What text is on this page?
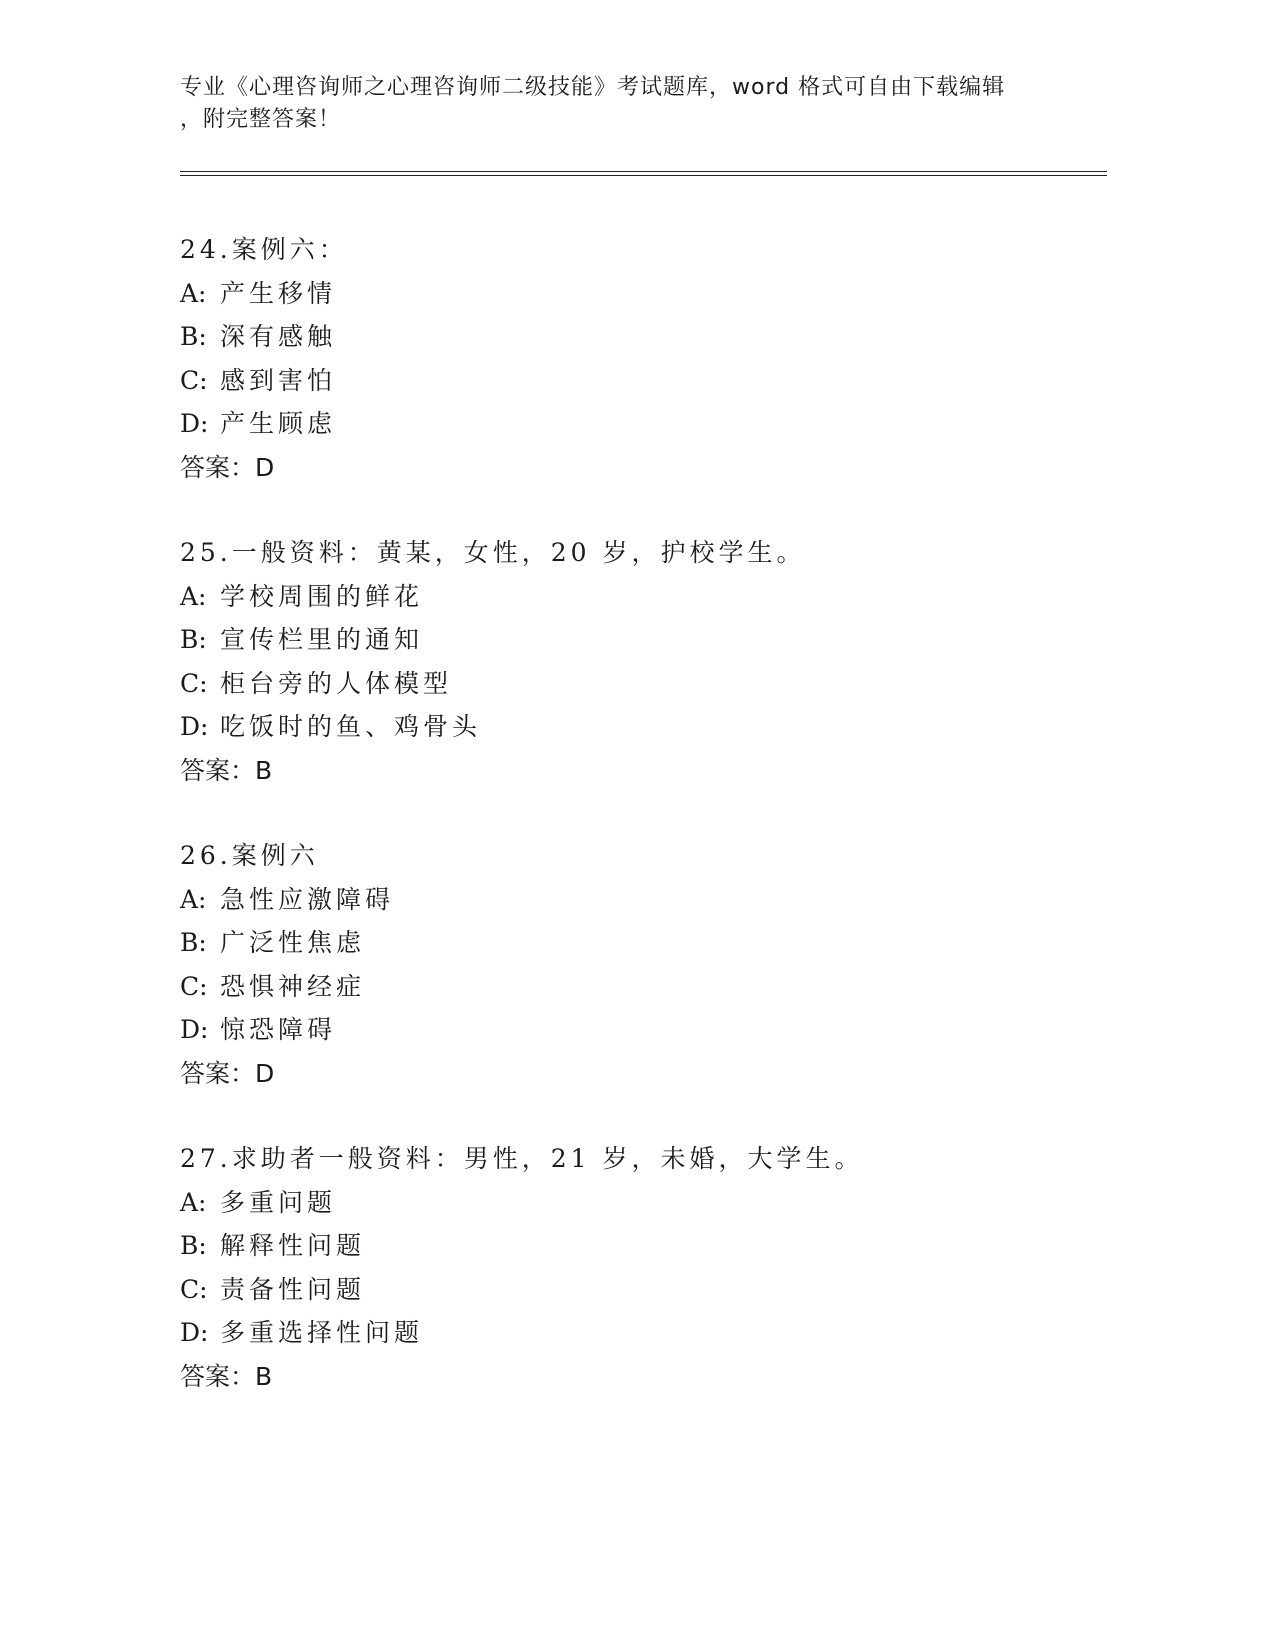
专业《心理咨询师之心理咨询师二级技能》考试题库，word 格式可自由下载编辑
，附完整答案！
24.案例六：
A: 产生移情
B: 深有感触
C: 感到害怕
D: 产生顾虑
答案：D
25.一般资料：黄某，女性，20 岁，护校学生。
A: 学校周围的鲜花
B: 宣传栏里的通知
C: 柜台旁的人体模型
D: 吃饭时的鱼、鸡骨头
答案：B
26.案例六
A: 急性应激障碍
B: 广泛性焦虑
C: 恐惧神经症
D: 惊恐障碍
答案：D
27.求助者一般资料：男性，21 岁，未婚，大学生。
A: 多重问题
B: 解释性问题
C: 责备性问题
D: 多重选择性问题
答案：B
